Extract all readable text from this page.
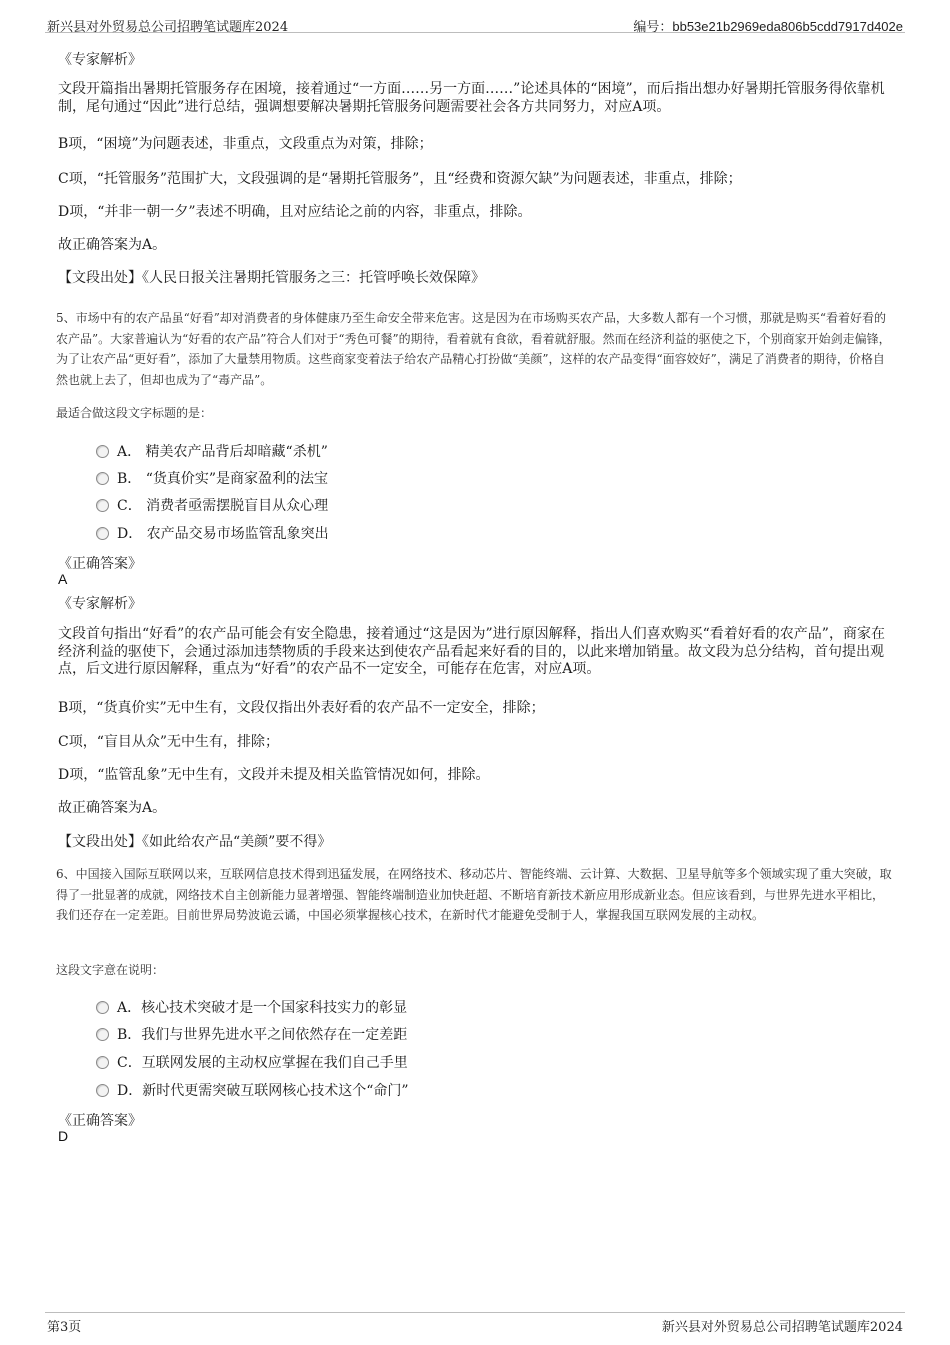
新兴县对外贸易总公司招聘笔试题库2024	编号：bb53e21b2969eda806b5cdd7917d402e
《专家解析》
文段开篇指出暑期托管服务存在困境，接着通过“一方面……另一方面……”论述具体的“困境”，而后指出想办好暑期托管服务得依靠机制，尾句通过“因此”进行总结，强调想要解决暑期托管服务问题需要社会各方共同努力，对应A项。
B项，“困境”为问题表述，非重点，文段重点为对策，排除；
C项，“托管服务”范围扩大，文段强调的是“暑期托管服务”，且“经费和资源欠缺”为问题表述，非重点，排除；
D项，“并非一朝一夕”表述不明确，且对应结论之前的内容，非重点，排除。
故正确答案为A。
【文段出处】《人民日报关注暑期托管服务之三：托管呼唤长效保障》
5、市场中有的农产品虽“好看”却对消费者的身体健康乃至生命安全带来危害。这是因为在市场购买农产品，大多数人都有一个习惯，那就是购买“看着好看的农产品”。大家普遍认为“好看的农产品”符合人们对于“秀色可餐”的期待，看着就有食欲，看着就舒服。然而在经济利益的驱使之下，个别商家开始剑走偏锋，为了让农产品“更好看”，添加了大量禁用物质。这些商家变着法子给农产品精心打扮做“美颜”，这样的农产品变得“面容姣好”，满足了消费者的期待，价格自然也就上去了，但却也成为了“毒产品”。
最适合做这段文字标题的是：
A． 精美农产品背后却暗藏“杀机”
B． “货真价实”是商家盈利的法宝
C． 消费者亟需摆脱盲目从众心理
D． 农产品交易市场监管乱象突出
《正确答案》
A
《专家解析》
文段首句指出“好看”的农产品可能会有安全隐患，接着通过“这是因为”进行原因解释，指出人们喜欢购买“看着好看的农产品”，商家在经济利益的驱使下，会通过添加违禁物质的手段来达到使农产品看起来好看的目的，以此来增加销量。故文段为总分结构，首句提出观点，后文进行原因解释，重点为“好看”的农产品不一定安全，可能存在危害，对应A项。
B项，“货真价实”无中生有，文段仅指出外表好看的农产品不一定安全，排除；
C项，“盲目从众”无中生有，排除；
D项，“监管乱象”无中生有，文段并未提及相关监管情况如何，排除。
故正确答案为A。
【文段出处】《如此给农产品“美颜”要不得》
6、中国接入国际互联网以来，互联网信息技术得到迅猛发展，在网络技术、移动芯片、智能终端、云计算、大数据、卫星导航等多个领域实现了重大突破，取得了一批显著的成就，网络技术自主创新能力显著增强、智能终端制造业加快赶超、不断培育新技术新应用形成新业态。但应该看到，与世界先进水平相比，我们还存在一定差距。目前世界局势波诡云谲，中国必须掌握核心技术，在新时代才能避免受制于人，掌握我国互联网发展的主动权。
这段文字意在说明：
A．核心技术突破才是一个国家科技实力的彰显
B．我们与世界先进水平之间依然存在一定差距
C．互联网发展的主动权应掌握在我们自己手里
D．新时代更需突破互联网核心技术这个“命门”
《正确答案》
D
第3页	新兴县对外贸易总公司招聘笔试题库2024
